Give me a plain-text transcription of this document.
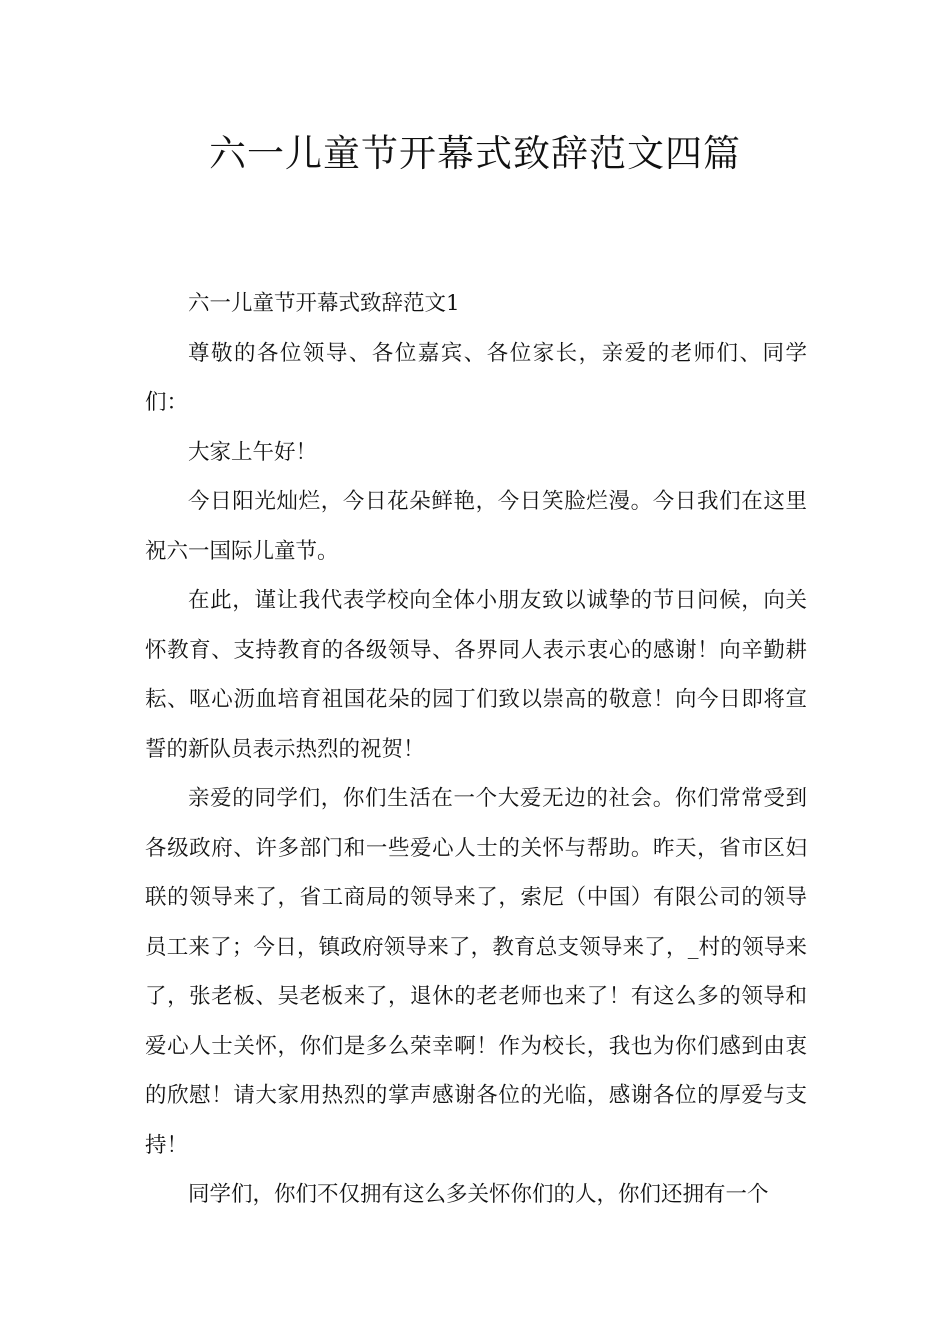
六一儿童节开幕式致辞范文四篇

六一儿童节开幕式致辞范文1

尊敬的各位领导、各位嘉宾、各位家长，亲爱的老师们、同学们：

大家上午好！

今日阳光灿烂，今日花朵鲜艳，今日笑脸烂漫。今日我们在这里祝六一国际儿童节。

在此，谨让我代表学校向全体小朋友致以诚挚的节日问候，向关怀教育、支持教育的各级领导、各界同人表示衷心的感谢！向辛勤耕耘、呕心沥血培育祖国花朵的园丁们致以崇高的敬意！向今日即将宣誓的新队员表示热烈的祝贺！

亲爱的同学们，你们生活在一个大爱无边的社会。你们常常受到各级政府、许多部门和一些爱心人士的关怀与帮助。昨天，省市区妇联的领导来了，省工商局的领导来了，索尼（中国）有限公司的领导员工来了；今日，镇政府领导来了，教育总支领导来了，_村的领导来了，张老板、吴老板来了，退休的老老师也来了！有这么多的领导和爱心人士关怀，你们是多么荣幸啊！作为校长，我也为你们感到由衷的欣慰！请大家用热烈的掌声感谢各位的光临，感谢各位的厚爱与支持！

同学们，你们不仅拥有这么多关怀你们的人，你们还拥有一个
